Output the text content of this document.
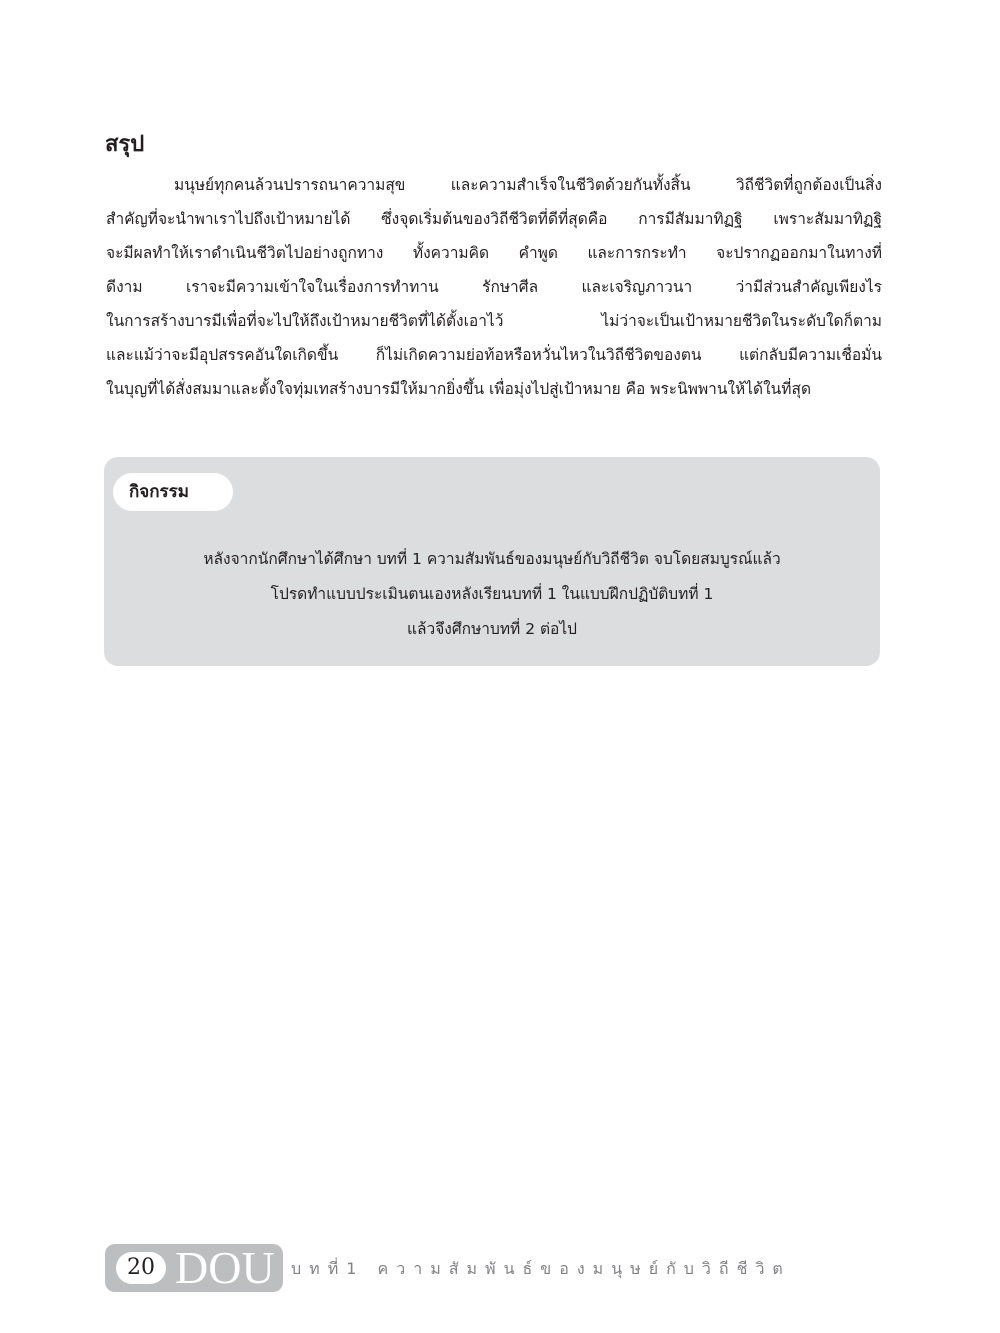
สรุป
มนุษย์ทุกคนล้วนปรารถนาความสุข และความสำเร็จในชีวิตด้วยกันทั้งสิ้น วิถีชีวิตที่ถูกต้องเป็นสิ่ง
สำคัญที่จะนำพาเราไปถึงเป้าหมายได้ ซึ่งจุดเริ่มต้นของวิถีชีวิตที่ดีที่สุดคือ การมีสัมมาทิฏฐิ เพราะสัมมาทิฏฐิ
จะมีผลทำให้เราดำเนินชีวิตไปอย่างถูกทาง ทั้งความคิด คำพูด และการกระทำ จะปรากฏออกมาในทางที่
ดีงาม เราจะมีความเข้าใจในเรื่องการทำทาน รักษาศีล และเจริญภาวนา ว่ามีส่วนสำคัญเพียงไร
ในการสร้างบารมีเพื่อที่จะไปให้ถึงเป้าหมายชีวิตที่ได้ตั้งเอาไว้ ไม่ว่าจะเป็นเป้าหมายชีวิตในระดับใดก็ตาม
และแม้ว่าจะมีอุปสรรคอันใดเกิดขึ้น ก็ไม่เกิดความย่อท้อหรือหวั่นไหวในวิถีชีวิตของตน แต่กลับมีความเชื่อมั่น
ในบุญที่ได้สั่งสมมาและตั้งใจทุ่มเทสร้างบารมีให้มากยิ่งขึ้น เพื่อมุ่งไปสู่เป้าหมาย คือ พระนิพพานให้ได้ในที่สุด
กิจกรรม
หลังจากนักศึกษาได้ศึกษา บทที่ 1 ความสัมพันธ์ของมนุษย์กับวิถีชีวิต จบโดยสมบูรณ์แล้ว
โปรดทำแบบประเมินตนเองหลังเรียนบทที่ 1 ในแบบฝึกปฏิบัติบทที่ 1
แล้วจึงศึกษาบทที่ 2 ต่อไป
20 DOU บทที่1 ความสัมพันธ์ของมนุษย์กับวิถีชีวิต
